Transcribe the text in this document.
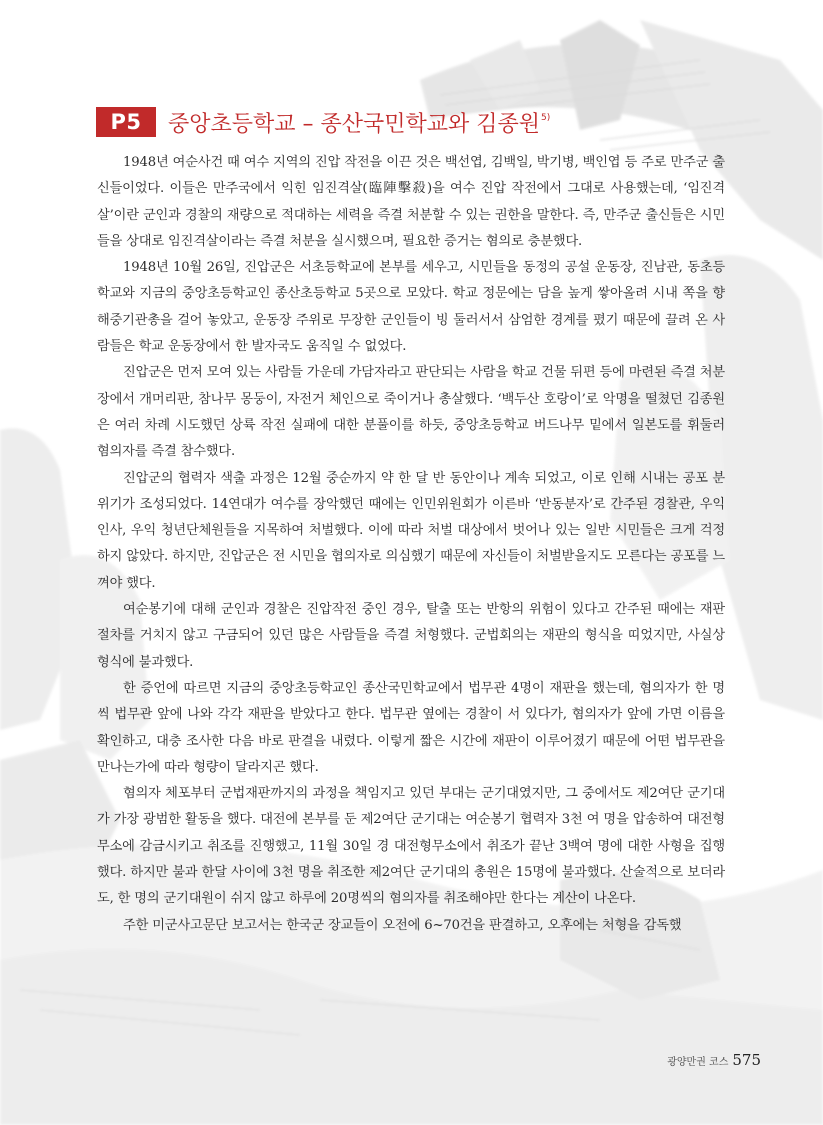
P5	중앙초등학교 – 종산국민학교와 김종원$^{5)}$

1948년 여순사건 때 여수 지역의 진압 작전을 이끈 것은 백선엽, 김백일, 박기병, 백인엽 등 주로 만주군 출신들이었다. 이들은 만주국에서 익힌 임진격살(臨陣擊殺)을 여수 진압 작전에서 그대로 사용했는데, ‘임진격살’이란 군인과 경찰의 재량으로 적대하는 세력을 즉결 처분할 수 있는 권한을 말한다. 즉, 만주군 출신들은 시민들을 상대로 임진격살이라는 즉결 처분을 실시했으며, 필요한 증거는 혐의로 충분했다.

1948년 10월 26일, 진압군은 서초등학교에 본부를 세우고, 시민들을 동정의 공설 운동장, 진남관, 동초등학교와 지금의 중앙초등학교인 종산초등학교 5곳으로 모았다. 학교 정문에는 담을 높게 쌓아올려 시내 쪽을 향해중기관총을 걸어 놓았고, 운동장 주위로 무장한 군인들이 빙 둘러서서 삼엄한 경계를 폈기 때문에 끌려 온 사람들은 학교 운동장에서 한 발자국도 움직일 수 없었다.

진압군은 먼저 모여 있는 사람들 가운데 가담자라고 판단되는 사람을 학교 건물 뒤편 등에 마련된 즉결 처분장에서 개머리판, 참나무 몽둥이, 자전거 체인으로 죽이거나 총살했다. ‘백두산 호랑이’로 악명을 떨쳤던 김종원은 여러 차례 시도했던 상륙 작전 실패에 대한 분풀이를 하듯, 중앙초등학교 버드나무 밑에서 일본도를 휘둘러 혐의자를 즉결 참수했다.

진압군의 협력자 색출 과정은 12월 중순까지 약 한 달 반 동안이나 계속 되었고, 이로 인해 시내는 공포 분위기가 조성되었다. 14연대가 여수를 장악했던 때에는 인민위원회가 이른바 ‘반동분자’로 간주된 경찰관, 우익 인사, 우익 청년단체원들을 지목하여 처벌했다. 이에 따라 처벌 대상에서 벗어나 있는 일반 시민들은 크게 걱정하지 않았다. 하지만, 진압군은 전 시민을 협의자로 의심했기 때문에 자신들이 처벌받을지도 모른다는 공포를 느껴야 했다.

여순봉기에 대해 군인과 경찰은 진압작전 중인 경우, 탈출 또는 반항의 위험이 있다고 간주된 때에는 재판 절차를 거치지 않고 구금되어 있던 많은 사람들을 즉결 처형했다. 군법회의는 재판의 형식을 띠었지만, 사실상 형식에 불과했다.

한 증언에 따르면 지금의 중앙초등학교인 종산국민학교에서 법무관 4명이 재판을 했는데, 혐의자가 한 명씩 법무관 앞에 나와 각각 재판을 받았다고 한다. 법무관 옆에는 경찰이 서 있다가, 혐의자가 앞에 가면 이름을 확인하고, 대충 조사한 다음 바로 판결을 내렸다. 이렇게 짧은 시간에 재판이 이루어졌기 때문에 어떤 법무관을 만나는가에 따라 형량이 달라지곤 했다.

혐의자 체포부터 군법재판까지의 과정을 책임지고 있던 부대는 군기대였지만, 그 중에서도 제2여단 군기대가 가장 광범한 활동을 했다. 대전에 본부를 둔 제2여단 군기대는 여순봉기 협력자 3천 여 명을 압송하여 대전형무소에 감금시키고 취조를 진행했고, 11월 30일 경 대전형무소에서 취조가 끝난 3백여 명에 대한 사형을 집행했다. 하지만 불과 한달 사이에 3천 명을 취조한 제2여단 군기대의 총원은 15명에 불과했다. 산술적으로 보더라도, 한 명의 군기대원이 쉬지 않고 하루에 20명씩의 혐의자를 취조해야만 한다는 계산이 나온다.

주한 미군사고문단 보고서는 한국군 장교들이 오전에 6~70건을 판결하고, 오후에는 처형을 감독했

광양만권 코스 575
